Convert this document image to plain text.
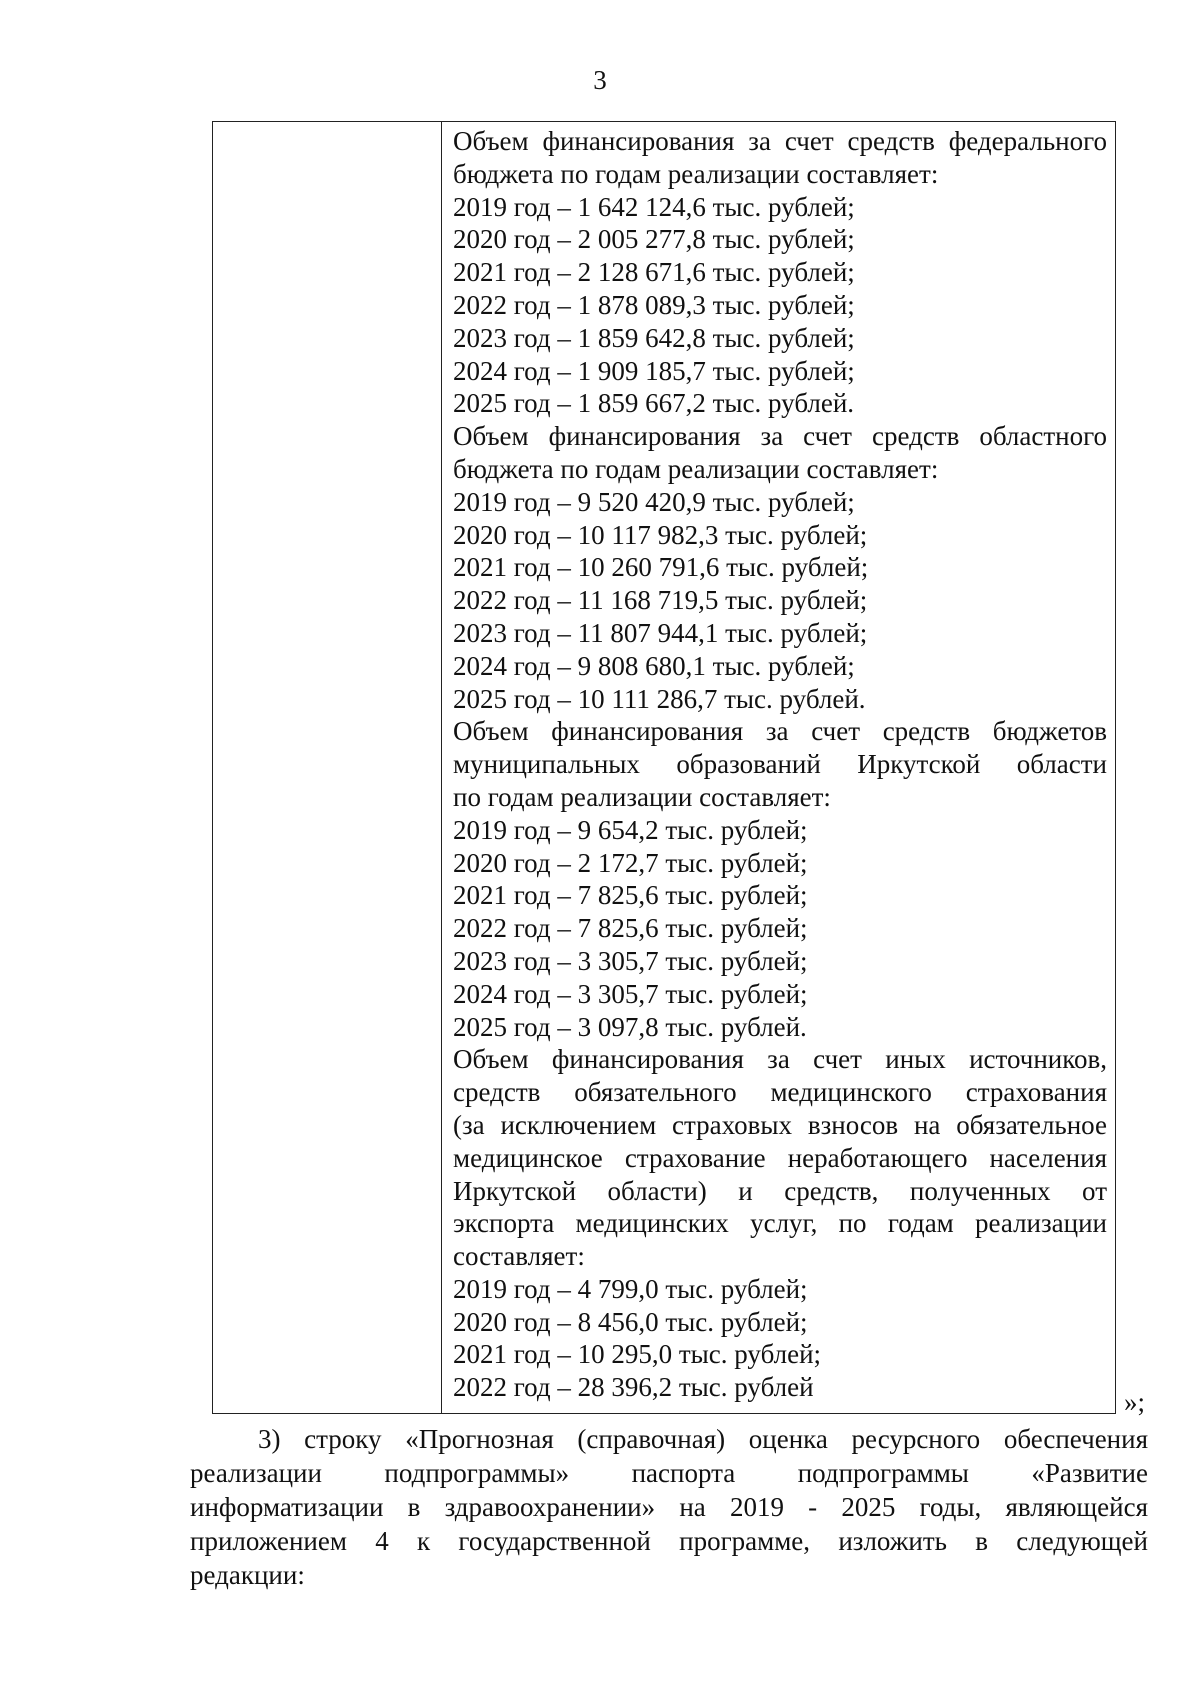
3
Объем финансирования за счет средств федерального
бюджета по годам реализации составляет:
2019 год – 1 642 124,6 тыс. рублей;
2020 год – 2 005 277,8 тыс. рублей;
2021 год – 2 128 671,6 тыс. рублей;
2022 год – 1 878 089,3 тыс. рублей;
2023 год – 1 859 642,8 тыс. рублей;
2024 год – 1 909 185,7 тыс. рублей;
2025 год – 1 859 667,2 тыс. рублей.
Объем финансирования за счет средств областного
бюджета по годам реализации составляет:
2019 год – 9 520 420,9 тыс. рублей;
2020 год – 10 117 982,3 тыс. рублей;
2021 год – 10 260 791,6 тыс. рублей;
2022 год – 11 168 719,5 тыс. рублей;
2023 год – 11 807 944,1 тыс. рублей;
2024 год – 9 808 680,1 тыс. рублей;
2025 год – 10 111 286,7 тыс. рублей.
Объем финансирования за счет средств бюджетов
муниципальных образований Иркутской области
по годам реализации составляет:
2019 год – 9 654,2 тыс. рублей;
2020 год – 2 172,7 тыс. рублей;
2021 год – 7 825,6 тыс. рублей;
2022 год – 7 825,6 тыс. рублей;
2023 год – 3 305,7 тыс. рублей;
2024 год – 3 305,7 тыс. рублей;
2025 год – 3 097,8 тыс. рублей.
Объем финансирования за счет иных источников,
средств обязательного медицинского страхования
(за исключением страховых взносов на обязательное
медицинское страхование неработающего населения
Иркутской области) и средств, полученных от
экспорта медицинских услуг, по годам реализации
составляет:
2019 год – 4 799,0 тыс. рублей;
2020 год – 8 456,0 тыс. рублей;
2021 год – 10 295,0 тыс. рублей;
2022 год – 28 396,2 тыс. рублей	»;
3) строку «Прогнозная (справочная) оценка ресурсного обеспечения
реализации подпрограммы» паспорта подпрограммы «Развитие
информатизации в здравоохранении» на 2019 - 2025 годы, являющейся
приложением 4 к государственной программе, изложить в следующей
редакции:
